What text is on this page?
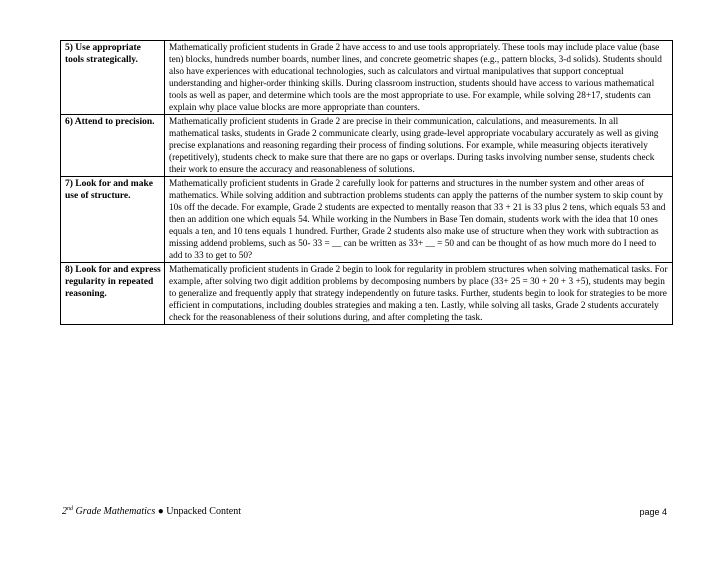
5) Use appropriate tools strategically.	Mathematically proficient students in Grade 2 have access to and use tools appropriately. These tools may include place value (base ten) blocks, hundreds number boards, number lines, and concrete geometric shapes (e.g., pattern blocks, 3-d solids). Students should also have experiences with educational technologies, such as calculators and virtual manipulatives that support conceptual understanding and higher-order thinking skills. During classroom instruction, students should have access to various mathematical tools as well as paper, and determine which tools are the most appropriate to use. For example, while solving 28+17, students can explain why place value blocks are more appropriate than counters.
6) Attend to precision.	Mathematically proficient students in Grade 2 are precise in their communication, calculations, and measurements. In all mathematical tasks, students in Grade 2 communicate clearly, using grade-level appropriate vocabulary accurately as well as giving precise explanations and reasoning regarding their process of finding solutions. For example, while measuring objects iteratively (repetitively), students check to make sure that there are no gaps or overlaps. During tasks involving number sense, students check their work to ensure the accuracy and reasonableness of solutions.
7) Look for and make use of structure.	Mathematically proficient students in Grade 2 carefully look for patterns and structures in the number system and other areas of mathematics. While solving addition and subtraction problems students can apply the patterns of the number system to skip count by 10s off the decade. For example, Grade 2 students are expected to mentally reason that 33 + 21 is 33 plus 2 tens, which equals 53 and then an addition one which equals 54. While working in the Numbers in Base Ten domain, students work with the idea that 10 ones equals a ten, and 10 tens equals 1 hundred. Further, Grade 2 students also make use of structure when they work with subtraction as missing addend problems, such as 50- 33 = __ can be written as 33+ __ = 50 and can be thought of as how much more do I need to add to 33 to get to 50?
8) Look for and express regularity in repeated reasoning.	Mathematically proficient students in Grade 2 begin to look for regularity in problem structures when solving mathematical tasks. For example, after solving two digit addition problems by decomposing numbers by place (33+ 25 = 30 + 20 + 3 +5), students may begin to generalize and frequently apply that strategy independently on future tasks. Further, students begin to look for strategies to be more efficient in computations, including doubles strategies and making a ten. Lastly, while solving all tasks, Grade 2 students accurately check for the reasonableness of their solutions during, and after completing the task.
2nd Grade Mathematics ● Unpacked Content	page 4
